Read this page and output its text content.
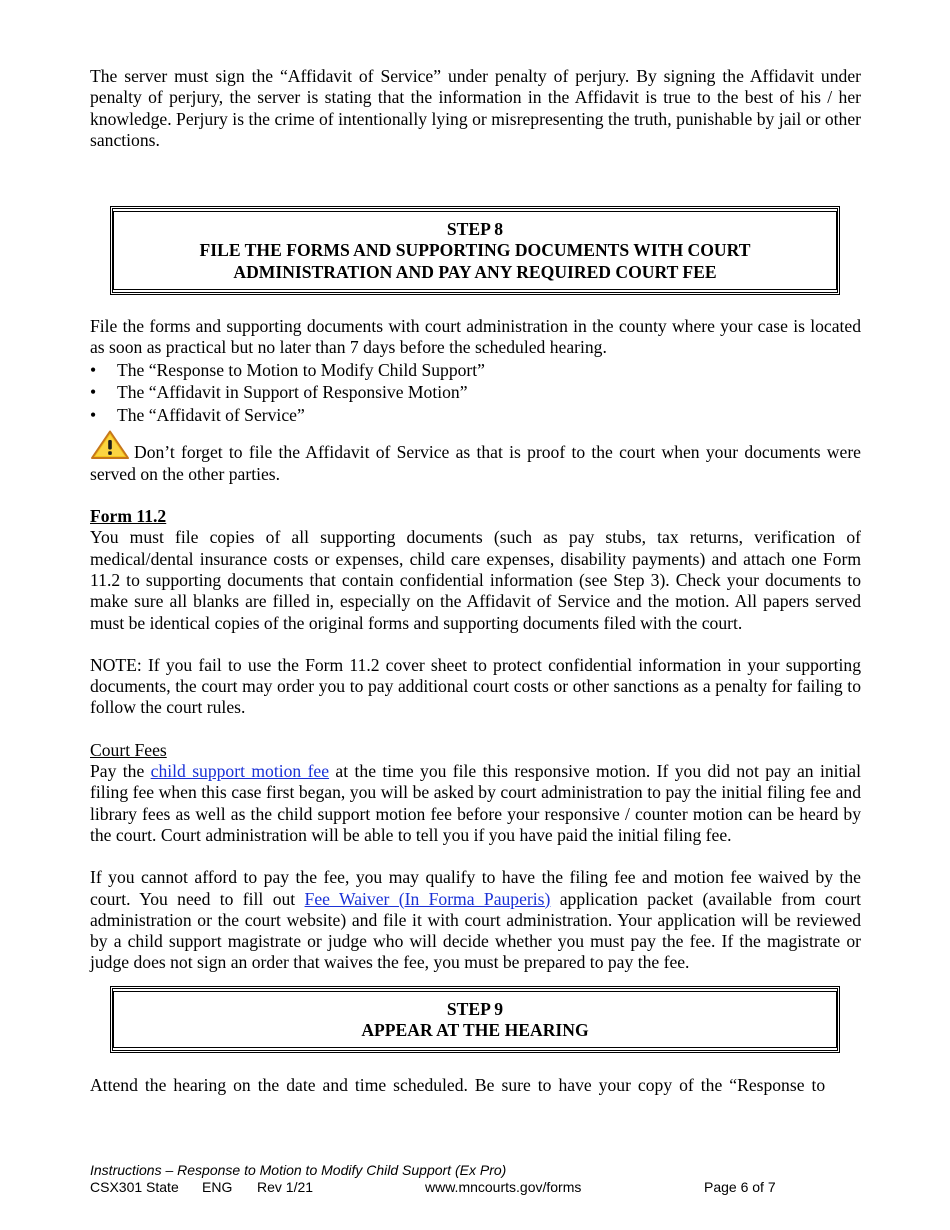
The server must sign the “Affidavit of Service” under penalty of perjury. By signing the Affidavit under penalty of perjury, the server is stating that the information in the Affidavit is true to the best of his / her knowledge. Perjury is the crime of intentionally lying or misrepresenting the truth, punishable by jail or other sanctions.

STEP 8
FILE THE FORMS AND SUPPORTING DOCUMENTS WITH COURT
ADMINISTRATION AND PAY ANY REQUIRED COURT FEE

File the forms and supporting documents with court administration in the county where your case is located as soon as practical but no later than 7 days before the scheduled hearing.

• The “Response to Motion to Modify Child Support”
• The “Affidavit in Support of Responsive Motion”
• The “Affidavit of Service”

Don’t forget to file the Affidavit of Service as that is proof to the court when your documents were served on the other parties.

Form 11.2

You must file copies of all supporting documents (such as pay stubs, tax returns, verification of medical/dental insurance costs or expenses, child care expenses, disability payments) and attach one Form 11.2 to supporting documents that contain confidential information (see Step 3). Check your documents to make sure all blanks are filled in, especially on the Affidavit of Service and the motion. All papers served must be identical copies of the original forms and supporting documents filed with the court.

NOTE: If you fail to use the Form 11.2 cover sheet to protect confidential information in your supporting documents, the court may order you to pay additional court costs or other sanctions as a penalty for failing to follow the court rules.

Court Fees

Pay the child support motion fee at the time you file this responsive motion. If you did not pay an initial filing fee when this case first began, you will be asked by court administration to pay the initial filing fee and library fees as well as the child support motion fee before your responsive / counter motion can be heard by the court. Court administration will be able to tell you if you have paid the initial filing fee.

If you cannot afford to pay the fee, you may qualify to have the filing fee and motion fee waived by the court. You need to fill out Fee Waiver (In Forma Pauperis) application packet (available from court administration or the court website) and file it with court administration. Your application will be reviewed by a child support magistrate or judge who will decide whether you must pay the fee. If the magistrate or judge does not sign an order that waives the fee, you must be prepared to pay the fee.

STEP 9
APPEAR AT THE HEARING

Attend the hearing on the date and time scheduled. Be sure to have your copy of the “Response to

Instructions – Response to Motion to Modify Child Support (Ex Pro)
CSX301 State ENG Rev 1/21	www.mncourts.gov/forms	Page 6 of 7
